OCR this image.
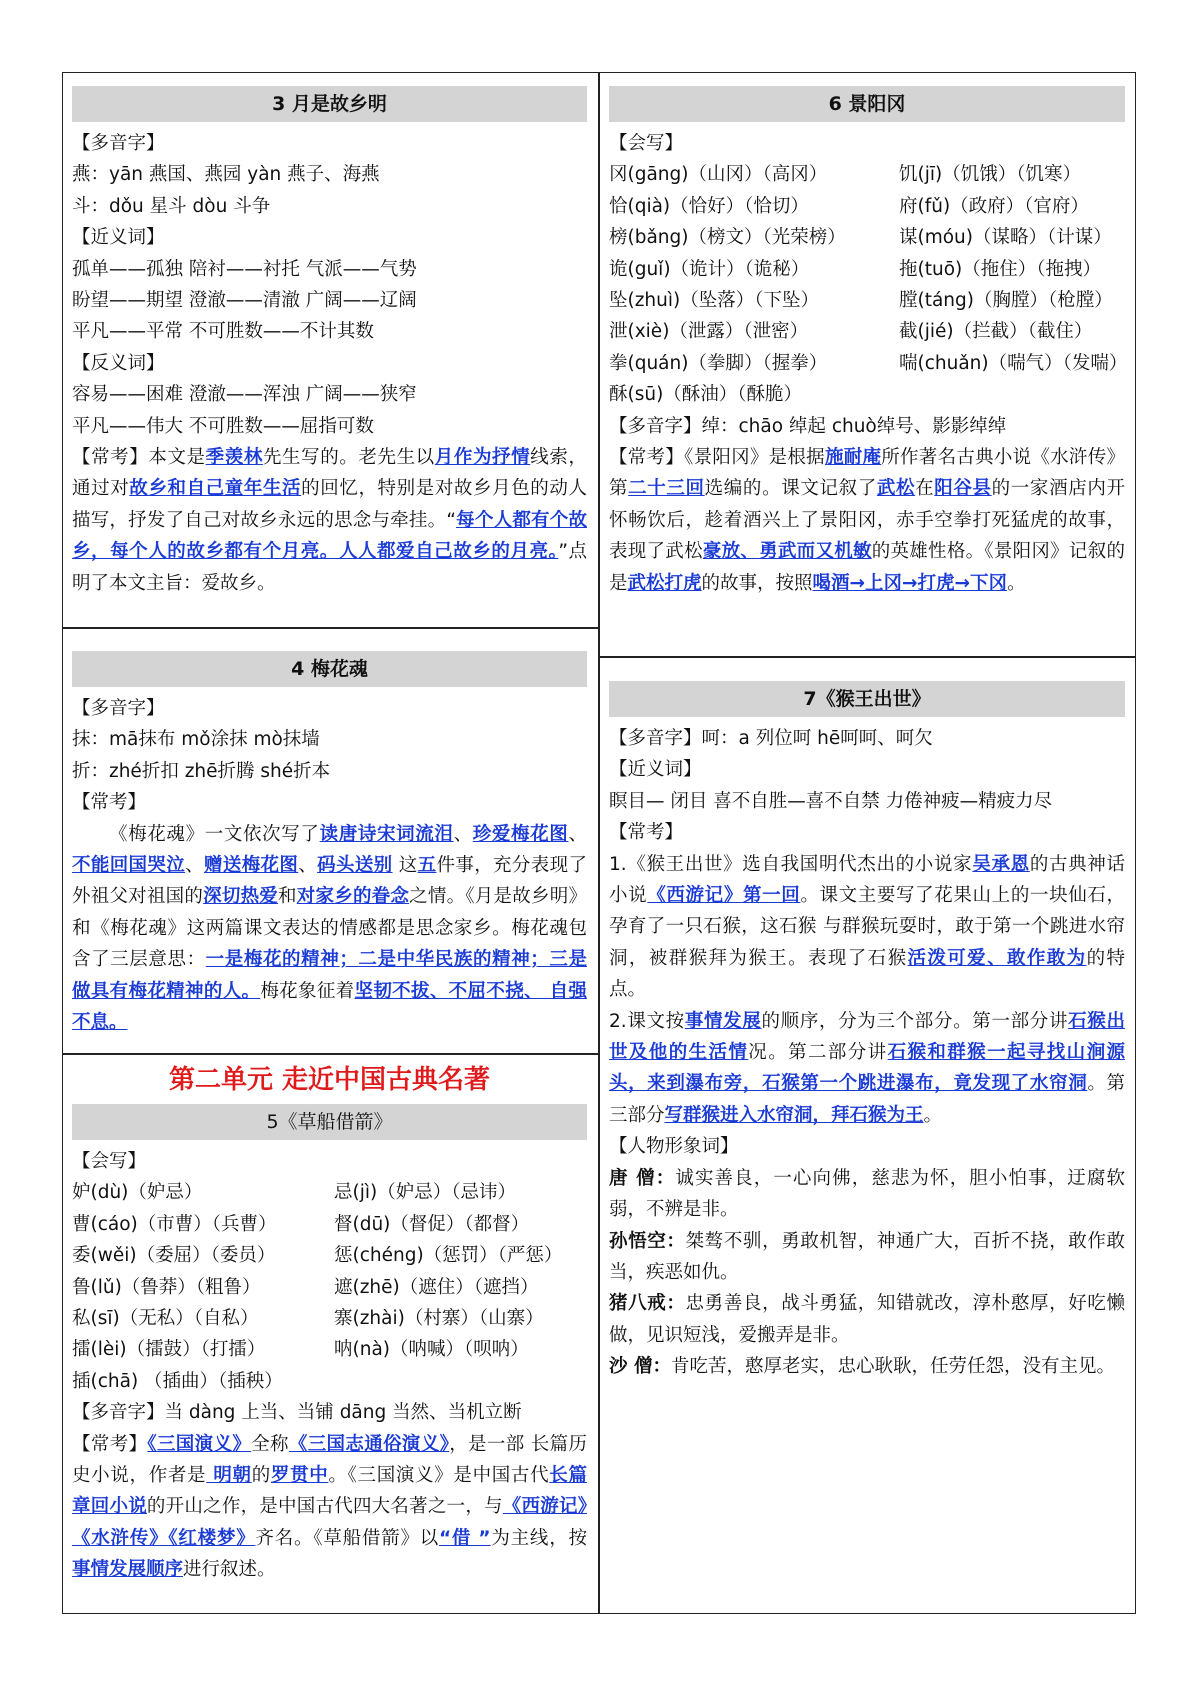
3 月是故乡明
【多音字】
燕：yān 燕国、燕园 yàn 燕子、海燕
斗：dǒu 星斗 dòu 斗争
【近义词】
孤单——孤独 陪衬——衬托 气派——气势
盼望——期望 澄澈——清澈 广阔——辽阔
平凡——平常 不可胜数——不计其数
【反义词】
容易——困难 澄澈——浑浊 广阔——狭窄
平凡——伟大 不可胜数——屈指可数
【常考】本文是季羡林先生写的。老先生以月作为抒情线索，通过对故乡和自己童年生活的回忆，特别是对故乡月色的动人描写，抒发了自己对故乡永远的思念与牵挂。“每个人都有个故乡，每个人的故乡都有个月亮。人人都爱自己故乡的月亮。”点明了本文主旨：爱故乡。
4 梅花魂
【多音字】
抹：mā抹布 mǒ涂抹 mò抹墙
折：zhé折扣 zhē折腾 shé折本
【常考】
《梅花魂》一文依次写了读唐诗宋词流泪、珍爱梅花图、不能回国哭泣、赠送梅花图、码头送别 这五件事，充分表现了外祖父对祖国的深切热爱和对家乡的眷念之情。《月是故乡明》和《梅花魂》这两篇课文表达的情感都是思念家乡。梅花魂包含了三层意思：一是梅花的精神；二是中华民族的精神；三是做具有梅花精神的人。梅花象征着坚韧不拔、不屈不挠、 自强不息。
第二单元 走近中国古典名著
5《草船借箭》
【会写】
妒(dù)（妒忌）	忌(jì)（妒忌）（忌讳）
曹(cáo)（市曹）（兵曹）	督(dū)（督促）（都督）
委(wěi)（委屈）（委员）	惩(chéng)（惩罚）（严惩）
鲁(lǔ)（鲁莽）（粗鲁）	遮(zhē)（遮住）（遮挡）
私(sī)（无私）（自私）	寨(zhài)（村寨）（山寨）
擂(lèi)（擂鼓）（打擂）	呐(nà)（呐喊）（呗呐）
插(chā) （插曲）（插秧）
【多音字】当 dàng 上当、当铺 dāng 当然、当机立断
【常考】《三国演义》全称《三国志通俗演义》，是一部 长篇历史小说，作者是 明朝的罗贯中。《三国演义》是中国古代长篇章回小说的开山之作，是中国古代四大名著之一，与《西游记》《水浒传》《红楼梦》齐名。《草船借箭》以“借 ”为主线，按 事情发展顺序进行叙述。
6 景阳冈
【会写】
冈(gāng)（山冈）（高冈）	饥(jī)（饥饿）（饥寒）
恰(qià)（恰好）（恰切）	府(fǔ)（政府）（官府）
榜(bǎng)（榜文）（光荣榜）	谋(móu)（谋略）（计谋）
诡(guǐ)（诡计）（诡秘）	拖(tuō)（拖住）（拖拽）
坠(zhuì)（坠落）（下坠）	膛(táng)（胸膛）（枪膛）
泄(xiè)（泄露）（泄密）	截(jié)（拦截）（截住）
拳(quán)（拳脚）（握拳）	喘(chuǎn)（喘气）（发喘）
酥(sū)（酥油）（酥脆）
【多音字】绰：chāo 绰起 chuò绰号、影影绰绰
【常考】《景阳冈》是根据施耐庵所作著名古典小说《水浒传》第二十三回选编的。课文记叙了武松在阳谷县的一家酒店内开怀畅饮后，趁着酒兴上了景阳冈，赤手空拳打死猛虎的故事，表现了武松豪放、勇武而又机敏的英雄性格。《景阳冈》记叙的是武松打虎的故事，按照喝酒→上冈→打虎→下冈。
7《猴王出世》
【多音字】呵：a 列位呵 hē呵呵、呵欠
【近义词】
瞑目— 闭目 喜不自胜—喜不自禁 力倦神疲—精疲力尽
【常考】
1.《猴王出世》选自我国明代杰出的小说家吴承恩的古典神话小说《西游记》第一回。课文主要写了花果山上的一块仙石，孕育了一只石猴，这石猴 与群猴玩耍时，敢于第一个跳进水帘洞，被群猴拜为猴王。表现了石猴活泼可爱、敢作敢为的特点。
2.课文按事情发展的顺序，分为三个部分。第一部分讲石猴出世及他的生活情况。第二部分讲石猴和群猴一起寻找山涧源头，来到瀑布旁，石猴第一个跳进瀑布，竟发现了水帘洞。第三部分写群猴进入水帘洞，拜石猴为王。
【人物形象词】
唐 僧：诚实善良，一心向佛，慈悲为怀，胆小怕事，迂腐软弱，不辨是非。
孙悟空：桀骜不驯，勇敢机智，神通广大，百折不挠，敢作敢当，疾恶如仇。
猪八戒：忠勇善良，战斗勇猛，知错就改，淳朴憨厚，好吃懒做，见识短浅，爱搬弄是非。
沙 僧：肯吃苦，憨厚老实，忠心耿耿，任劳任怨，没有主见。
